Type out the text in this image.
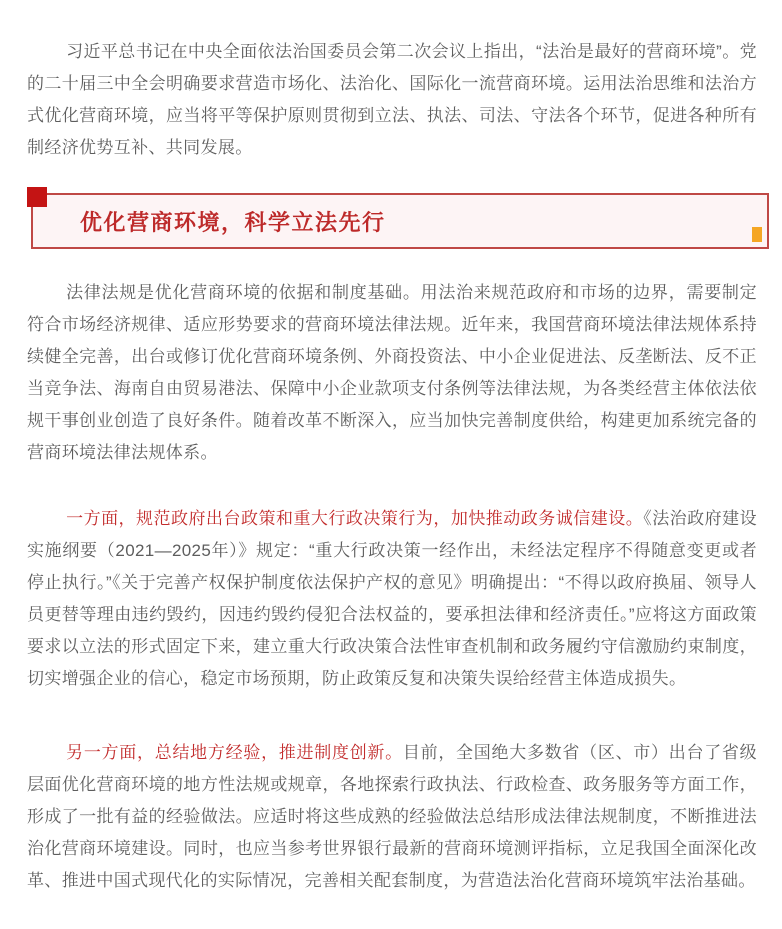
习近平总书记在中央全面依法治国委员会第二次会议上指出，“法治是最好的营商环境”。党的二十届三中全会明确要求营造市场化、法治化、国际化一流营商环境。运用法治思维和法治方式优化营商环境，应当将平等保护原则贯彻到立法、执法、司法、守法各个环节，促进各种所有制经济优势互补、共同发展。

优化营商环境，科学立法先行

法律法规是优化营商环境的依据和制度基础。用法治来规范政府和市场的边界，需要制定符合市场经济规律、适应形势要求的营商环境法律法规。近年来，我国营商环境法律法规体系持续健全完善，出台或修订优化营商环境条例、外商投资法、中小企业促进法、反垄断法、反不正当竞争法、海南自由贸易港法、保障中小企业款项支付条例等法律法规，为各类经营主体依法依规干事创业创造了良好条件。随着改革不断深入，应当加快完善制度供给，构建更加系统完备的营商环境法律法规体系。

一方面，规范政府出台政策和重大行政决策行为，加快推动政务诚信建设。《法治政府建设实施纲要（2021—2025年）》规定：“重大行政决策一经作出，未经法定程序不得随意变更或者停止执行。”《关于完善产权保护制度依法保护产权的意见》明确提出：“不得以政府换届、领导人员更替等理由违约毁约，因违约毁约侵犯合法权益的，要承担法律和经济责任。”应将这方面政策要求以立法的形式固定下来，建立重大行政决策合法性审查机制和政务履约守信激励约束制度，切实增强企业的信心，稳定市场预期，防止政策反复和决策失误给经营主体造成损失。

另一方面，总结地方经验，推进制度创新。目前，全国绝大多数省（区、市）出台了省级层面优化营商环境的地方性法规或规章，各地探索行政执法、行政检查、政务服务等方面工作，形成了一批有益的经验做法。应适时将这些成熟的经验做法总结形成法律法规制度，不断推进法治化营商环境建设。同时，也应当参考世界银行最新的营商环境测评指标，立足我国全面深化改革、推进中国式现代化的实际情况，完善相关配套制度，为营造法治化营商环境筑牢法治基础。
